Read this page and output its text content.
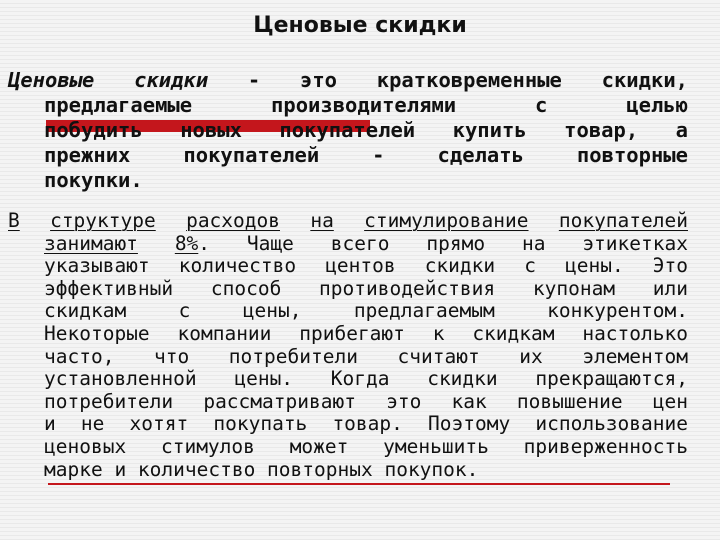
Ценовые скидки
Ценовые скидки - это кратковременные скидки,
предлагаемые производителями с целью
побудить новых покупателей купить товар, а
прежних покупателей - сделать повторные
покупки.
В структуре расходов на стимулирование покупателей
занимают 8%. Чаще всего прямо на этикетках
указывают количество центов скидки с цены. Это
эффективный способ противодействия купонам или
скидкам с цены, предлагаемым конкурентом.
Некоторые компании прибегают к скидкам настолько
часто, что потребители считают их элементом
установленной цены. Когда скидки прекращаются,
потребители рассматривают это как повышение цен
и не хотят покупать товар. Поэтому использование
ценовых стимулов может уменьшить приверженность
марке и количество повторных покупок.
